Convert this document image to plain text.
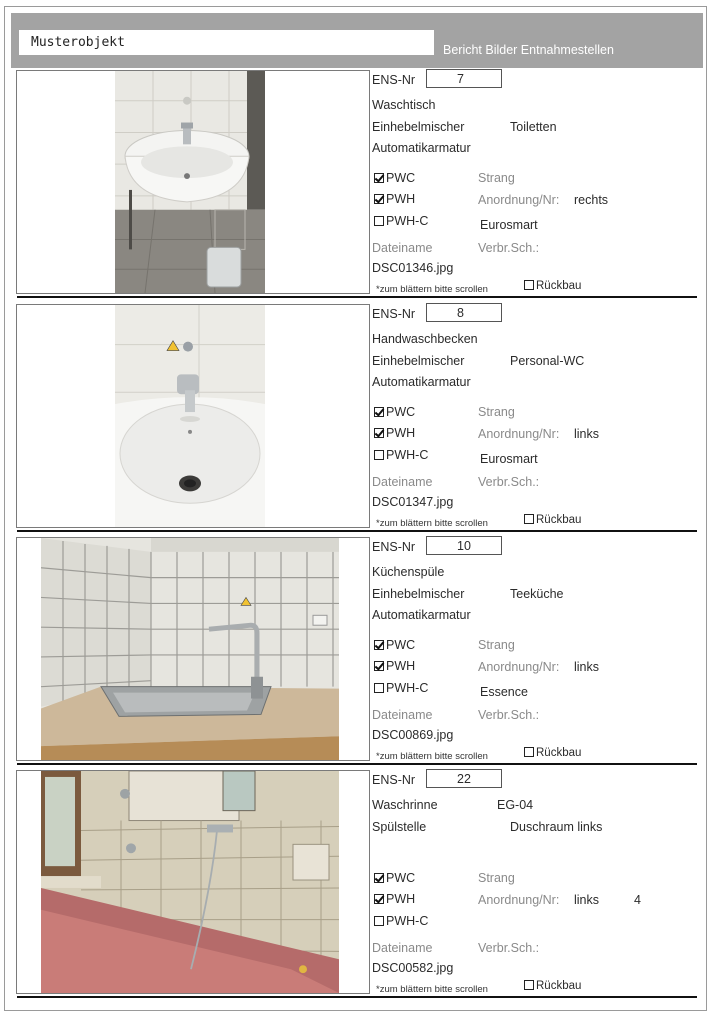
Musterobjekt	Bericht Bilder Entnahmestellen
ENS-Nr	7
Waschtisch
Einhebelmischer	Toiletten
Automatikarmatur
PWC	Strang
PWH	Anordnung/Nr: rechts
PWH-C	Eurosmart
Dateiname	Verbr.Sch.:
DSC01346.jpg
*zum blättern bitte scrollen	Rückbau
ENS-Nr	8
Handwaschbecken
Einhebelmischer	Personal-WC
Automatikarmatur
PWC	Strang
PWH	Anordnung/Nr: links
PWH-C	Eurosmart
Dateiname	Verbr.Sch.:
DSC01347.jpg
*zum blättern bitte scrollen	Rückbau
ENS-Nr	10
Küchenspüle
Einhebelmischer	Teeküche
Automatikarmatur
PWC	Strang
PWH	Anordnung/Nr: links
PWH-C	Essence
Dateiname	Verbr.Sch.:
DSC00869.jpg
*zum blättern bitte scrollen	Rückbau
ENS-Nr	22
Waschrinne	EG-04
Spülstelle	Duschraum links
PWC	Strang
PWH	Anordnung/Nr: links	4
PWH-C
Dateiname	Verbr.Sch.:
DSC00582.jpg
*zum blättern bitte scrollen	Rückbau
